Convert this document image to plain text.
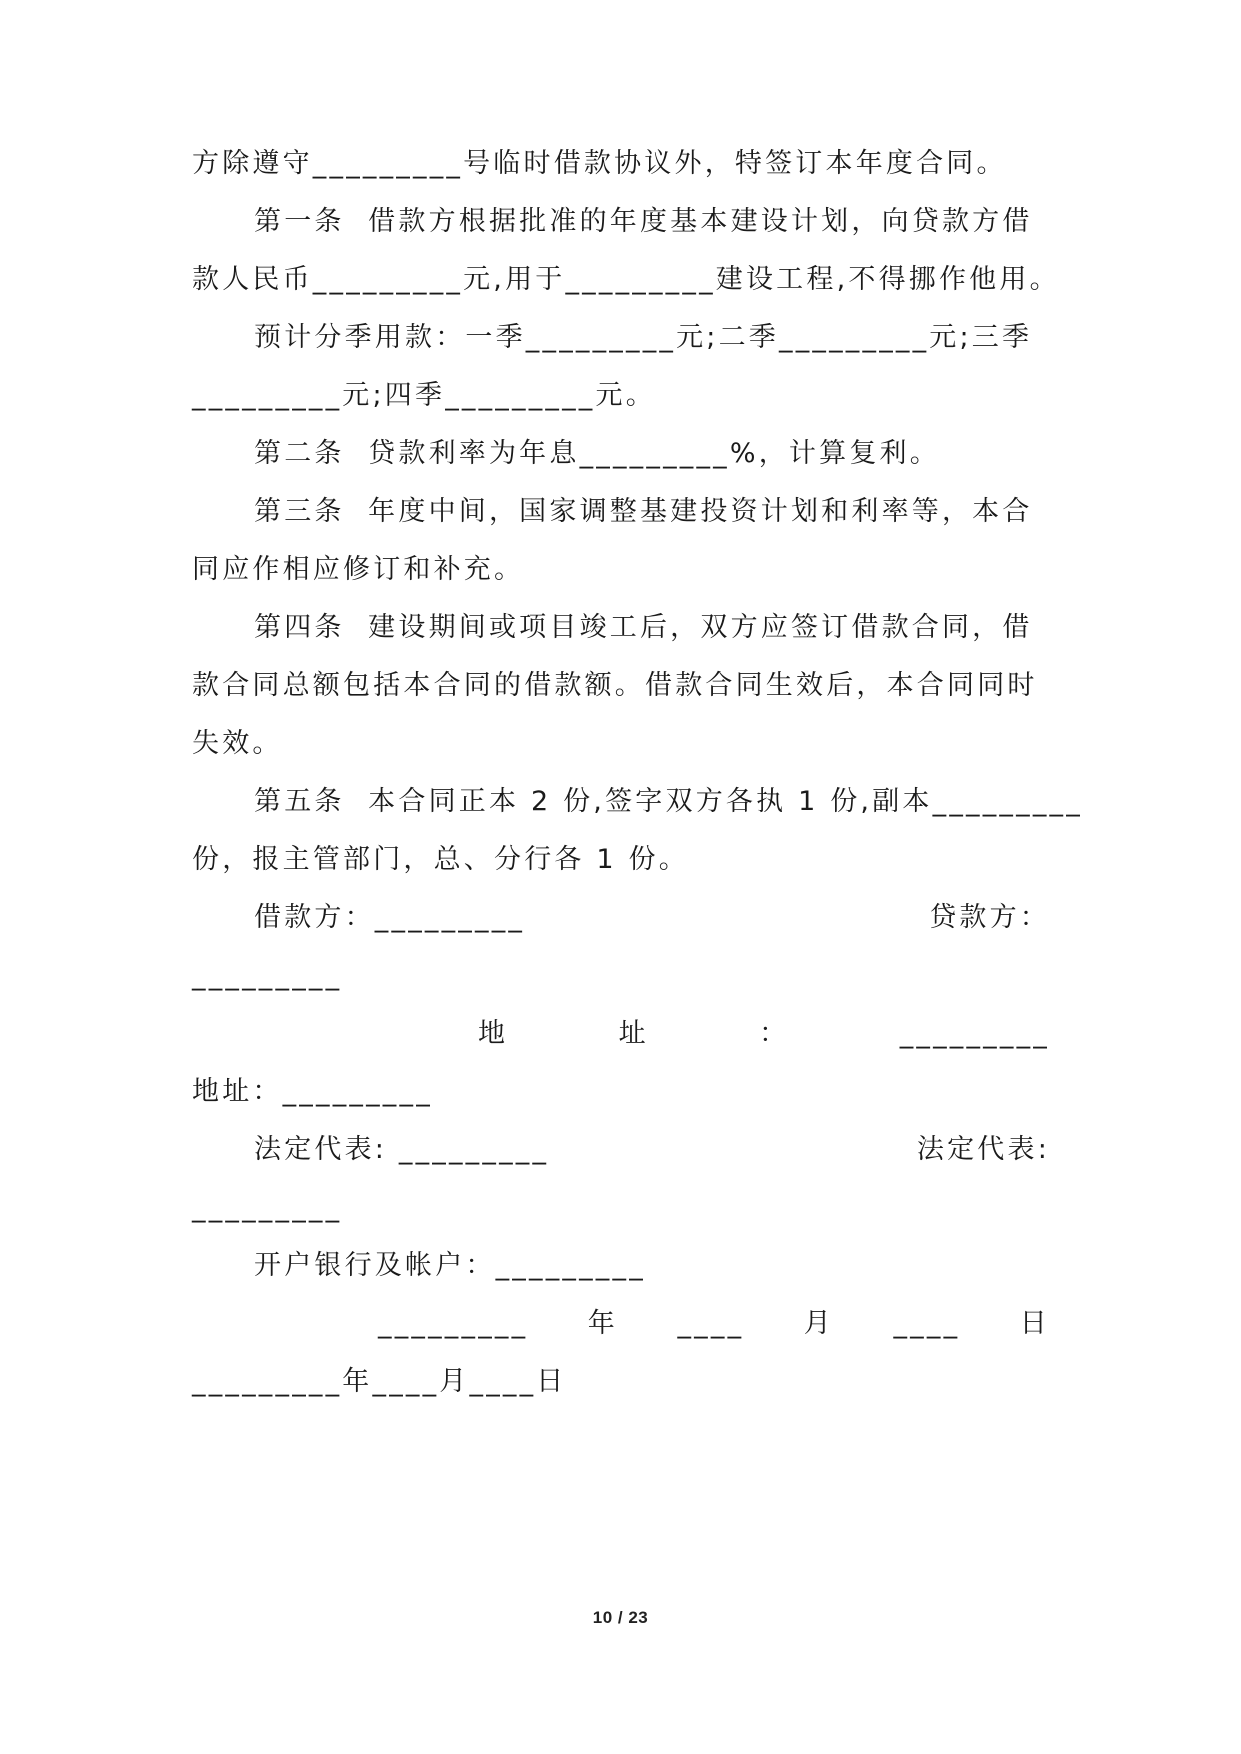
方除遵守_________号临时借款协议外，特签订本年度合同。
第一条  借款方根据批准的年度基本建设计划，向贷款方借
款人民币_________元,用于_________建设工程,不得挪作他用。
预计分季用款：一季_________元;二季_________元;三季
_________元;四季_________元。
第二条  贷款利率为年息_________%，计算复利。
第三条  年度中间，国家调整基建投资计划和利率等，本合
同应作相应修订和补充。
第四条  建设期间或项目竣工后，双方应签订借款合同，借
款合同总额包括本合同的借款额。借款合同生效后，本合同同时
失效。
第五条  本合同正本 2 份,签字双方各执 1 份,副本_________
份，报主管部门，总、分行各 1 份。
借款方：_________	贷款方：
_________
地	址	：	_________
地址：_________
法定代表: _________	法定代表:
_________
开户银行及帐户：_________
_________ 年 ____ 月 ____ 日
_________年____月____日
10 / 23
